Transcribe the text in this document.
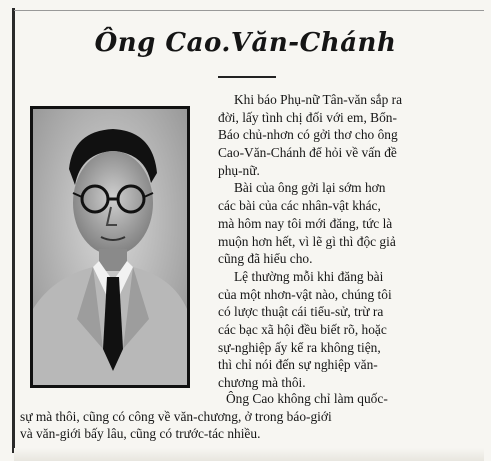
Ông Cao.Văn-Chánh
Khi báo Phụ-nữ Tân-văn sắp ra
đời, lấy tình chị đối với em, Bổn-
Báo chủ-nhơn có gởi thơ cho ông
Cao-Văn-Chánh để hỏi về vấn đề
phụ-nữ.
Bài của ông gởi lại sớm hơn
các bài của các nhân-vật khác,
mà hôm nay tôi mới đăng, tức là
muộn hơn hết, vì lẽ gì thì độc giả
cũng đã hiểu cho.
Lệ thường mỗi khi đăng bài
của một nhơn-vật nào, chúng tôi
có lược thuật cái tiểu-sử, trừ ra
các bạc xã hội đều biết rõ, hoặc
sự-nghiệp ấy kể ra không tiện,
thì chỉ nói đến sự nghiệp văn-
chương mà thôi.
Ông Cao không chỉ làm quốc-
sự mà thôi, cũng có công về văn-chương, ở trong báo-giới
và văn-giới bấy lâu, cũng có trước-tác nhiều.
